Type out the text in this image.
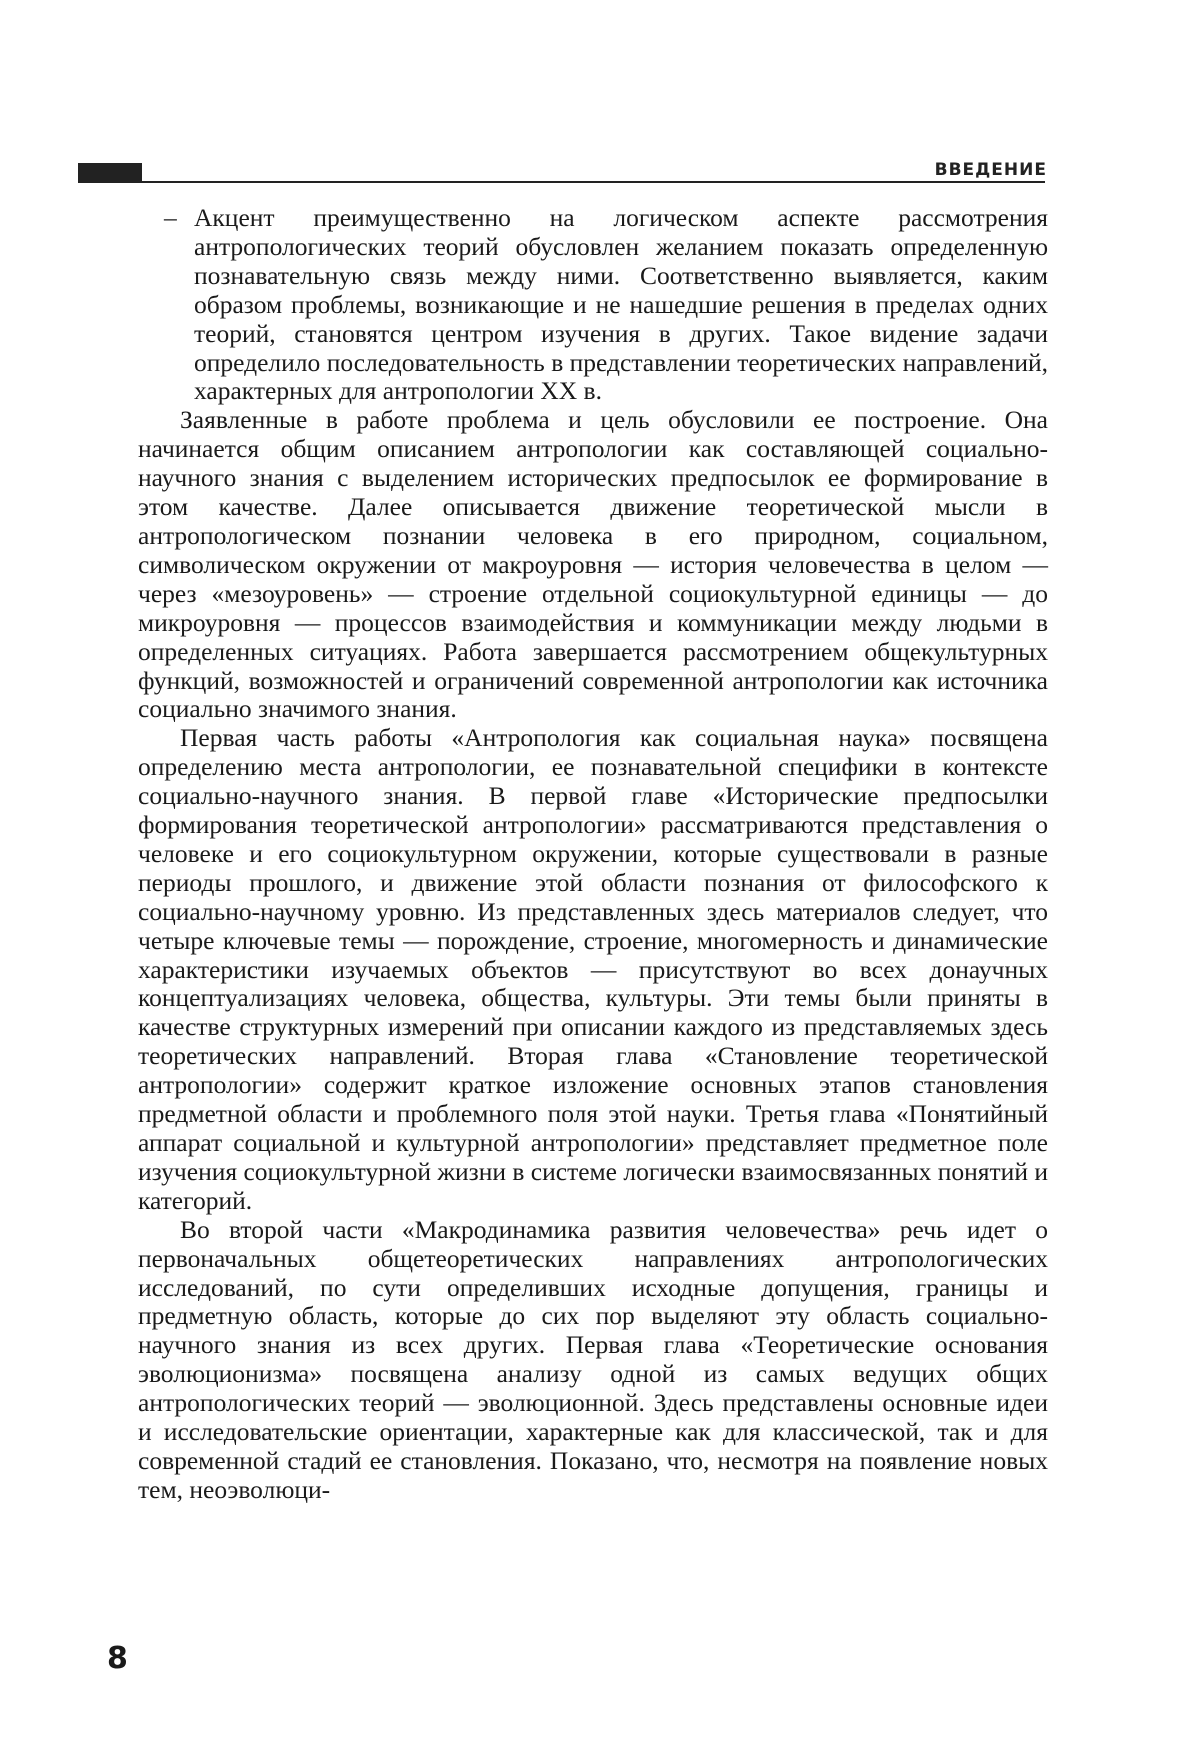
ВВЕДЕНИЕ

– Акцент преимущественно на логическом аспекте рассмотрения антропологических теорий обусловлен желанием показать определенную познавательную связь между ними. Соответственно выявляется, каким образом проблемы, возникающие и не нашедшие решения в пределах одних теорий, становятся центром изучения в других. Такое видение задачи определило последовательность в представлении теоретических направлений, характерных для антропологии XX в.

Заявленные в работе проблема и цель обусловили ее построение. Она начинается общим описанием антропологии как составляющей социально-научного знания с выделением исторических предпосылок ее формирование в этом качестве. Далее описывается движение теоретической мысли в антропологическом познании человека в его природном, социальном, символическом окружении от макроуровня — история человечества в целом — через «мезоуровень» — строение отдельной социокультурной единицы — до микроуровня — процессов взаимодействия и коммуникации между людьми в определенных ситуациях. Работа завершается рассмотрением общекультурных функций, возможностей и ограничений современной антропологии как источника социально значимого знания.

Первая часть работы «Антропология как социальная наука» посвящена определению места антропологии, ее познавательной специфики в контексте социально-научного знания. В первой главе «Исторические предпосылки формирования теоретической антропологии» рассматриваются представления о человеке и его социокультурном окружении, которые существовали в разные периоды прошлого, и движение этой области познания от философского к социально-научному уровню. Из представленных здесь материалов следует, что четыре ключевые темы — порождение, строение, многомерность и динамические характеристики изучаемых объектов — присутствуют во всех донаучных концептуализациях человека, общества, культуры. Эти темы были приняты в качестве структурных измерений при описании каждого из представляемых здесь теоретических направлений. Вторая глава «Становление теоретической антропологии» содержит краткое изложение основных этапов становления предметной области и проблемного поля этой науки. Третья глава «Понятийный аппарат социальной и культурной антропологии» представляет предметное поле изучения социокультурной жизни в системе логически взаимосвязанных понятий и категорий.

Во второй части «Макродинамика развития человечества» речь идет о первоначальных общетеоретических направлениях антропологических исследований, по сути определивших исходные допущения, границы и предметную область, которые до сих пор выделяют эту область социально-научного знания из всех других. Первая глава «Теоретические основания эволюционизма» посвящена анализу одной из самых ведущих общих антропологических теорий — эволюционной. Здесь представлены основные идеи и исследовательские ориентации, характерные как для классической, так и для современной стадий ее становления. Показано, что, несмотря на появление новых тем, неоэволюци-

8
